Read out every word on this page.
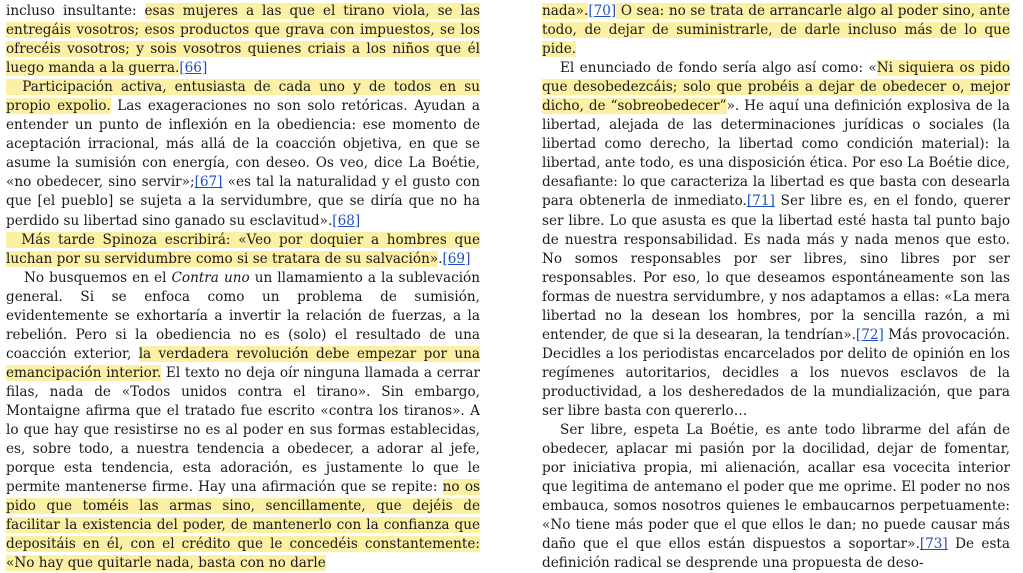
incluso insultante: esas mujeres a las que el tirano viola, se las entregáis vosotros; esos productos que grava con impuestos, se los ofrecéis vosotros; y sois vosotros quienes criais a los niños que él luego manda a la guerra.[66]
Participación activa, entusiasta de cada uno y de todos en su propio expolio. Las exageraciones no son solo retóricas. Ayudan a entender un punto de inflexión en la obediencia: ese momento de aceptación irracional, más allá de la coacción objetiva, en que se asume la sumisión con energía, con deseo. Os veo, dice La Boétie, «no obedecer, sino servir»;[67] «es tal la naturalidad y el gusto con que [el pueblo] se sujeta a la servidumbre, que se diría que no ha perdido su libertad sino ganado su esclavitud».[68]
Más tarde Spinoza escribirá: «Veo por doquier a hombres que luchan por su servidumbre como si se tratara de su salvación».[69]

No busquemos en el Contra uno un llamamiento a la sublevación general. Si se enfoca como un problema de sumisión, evidentemente se exhortaría a invertir la relación de fuerzas, a la rebelión. Pero si la obediencia no es (solo) el resultado de una coacción exterior, la verdadera revolución debe empezar por una emancipación interior. El texto no deja oír ninguna llamada a cerrar filas, nada de «Todos unidos contra el tirano». Sin embargo, Montaigne afirma que el tratado fue escrito «contra los tiranos». A lo que hay que resistirse no es al poder en sus formas establecidas, es, sobre todo, a nuestra tendencia a obedecer, a adorar al jefe, porque esta tendencia, esta adoración, es justamente lo que le permite mantenerse firme. Hay una afirmación que se repite: no os pido que toméis las armas sino, sencillamente, que dejéis de facilitar la existencia del poder, de mantenerlo con la confianza que depositáis en él, con el crédito que le concedéis constantemente: «No hay que quitarle nada, basta con no darle

nada».[70] O sea: no se trata de arrancarle algo al poder sino, ante todo, de dejar de suministrarle, de darle incluso más de lo que pide.

El enunciado de fondo sería algo así como: «Ni siquiera os pido que desobedezcáis; solo que probéis a dejar de obedecer o, mejor dicho, de “sobreobedecer”». He aquí una definición explosiva de la libertad, alejada de las determinaciones jurídicas o sociales (la libertad como derecho, la libertad como condición material): la libertad, ante todo, es una disposición ética. Por eso La Boétie dice, desafiante: lo que caracteriza la libertad es que basta con desearla para obtenerla de inmediato.[71] Ser libre es, en el fondo, querer ser libre. Lo que asusta es que la libertad esté hasta tal punto bajo de nuestra responsabilidad. Es nada más y nada menos que esto. No somos responsables por ser libres, sino libres por ser responsables. Por eso, lo que deseamos espontáneamente son las formas de nuestra servidumbre, y nos adaptamos a ellas: «La mera libertad no la desean los hombres, por la sencilla razón, a mi entender, de que si la desearan, la tendrían».[72] Más provocación. Decidles a los periodistas encarcelados por delito de opinión en los regímenes autoritarios, decidles a los nuevos esclavos de la productividad, a los desheredados de la mundialización, que para ser libre basta con quererlo…

Ser libre, espeta La Boétie, es ante todo librarme del afán de obedecer, aplacar mi pasión por la docilidad, dejar de fomentar, por iniciativa propia, mi alienación, acallar esa vocecita interior que legitima de antemano el poder que me oprime. El poder no nos embauca, somos nosotros quienes le embaucarnos perpetuamente: «No tiene más poder que el que ellos le dan; no puede causar más daño que el que ellos están dispuestos a soportar».[73] De esta definición radical se desprende una propuesta de deso-
